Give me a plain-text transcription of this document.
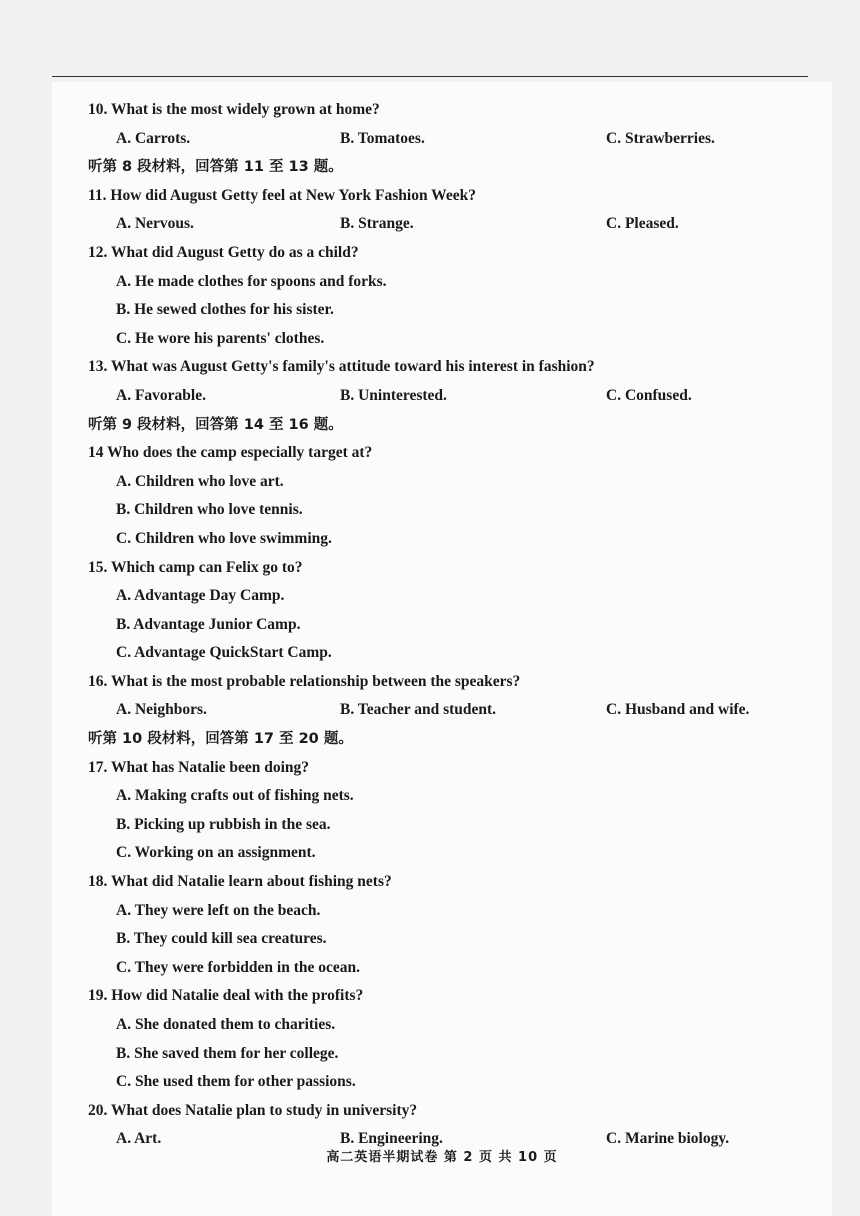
10. What is the most widely grown at home?
A. Carrots.	B. Tomatoes.	C. Strawberries.
听第 8 段材料，回答第 11 至 13 题。
11. How did August Getty feel at New York Fashion Week?
A. Nervous.	B. Strange.	C. Pleased.
12. What did August Getty do as a child?
A. He made clothes for spoons and forks.
B. He sewed clothes for his sister.
C. He wore his parents' clothes.
13. What was August Getty's family's attitude toward his interest in fashion?
A. Favorable.	B. Uninterested.	C. Confused.
听第 9 段材料，回答第 14 至 16 题。
14 Who does the camp especially target at?
A. Children who love art.
B. Children who love tennis.
C. Children who love swimming.
15. Which camp can Felix go to?
A. Advantage Day Camp.
B. Advantage Junior Camp.
C. Advantage QuickStart Camp.
16. What is the most probable relationship between the speakers?
A. Neighbors.	B. Teacher and student.	C. Husband and wife.
听第 10 段材料，回答第 17 至 20 题。
17. What has Natalie been doing?
A. Making crafts out of fishing nets.
B. Picking up rubbish in the sea.
C. Working on an assignment.
18. What did Natalie learn about fishing nets?
A. They were left on the beach.
B. They could kill sea creatures.
C. They were forbidden in the ocean.
19. How did Natalie deal with the profits?
A. She donated them to charities.
B. She saved them for her college.
C. She used them for other passions.
20. What does Natalie plan to study in university?
A. Art.	B. Engineering.	C. Marine biology.
高二英语半期试卷 第 2 页 共 10 页
